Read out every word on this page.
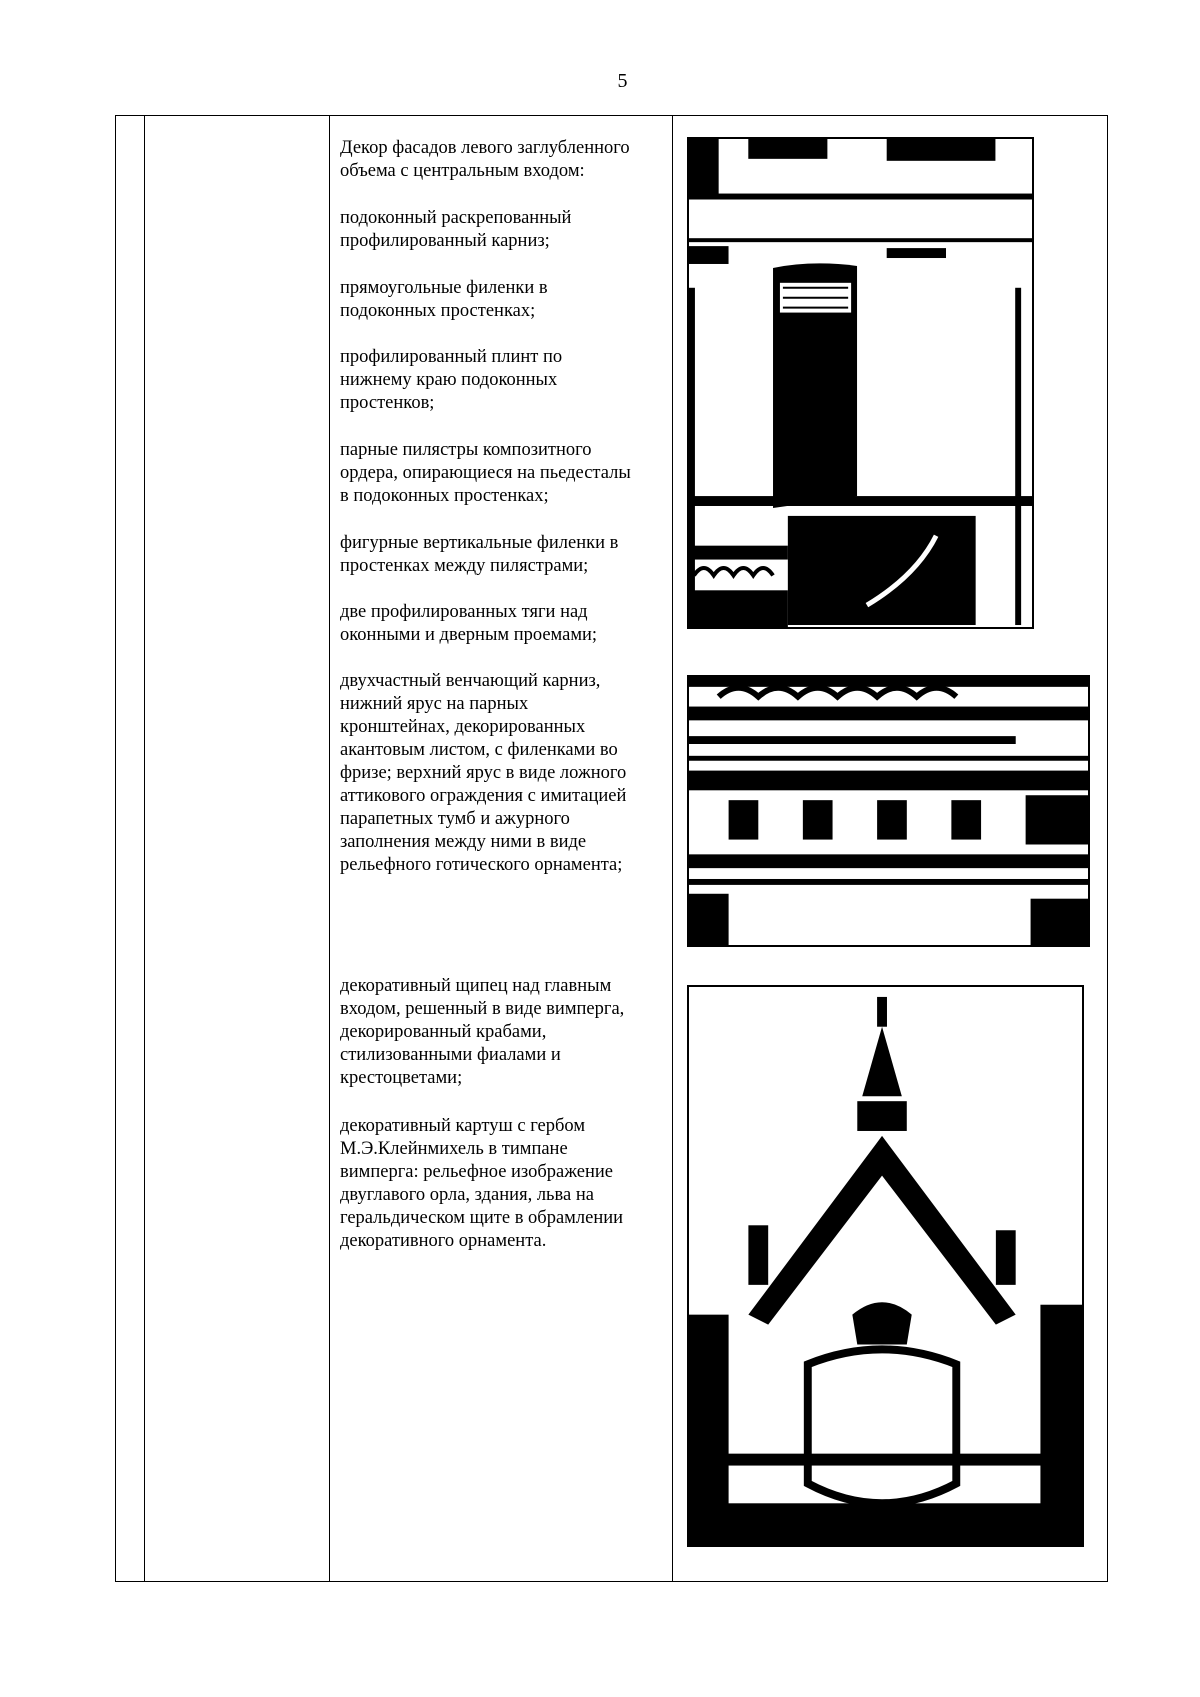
5

Декор фасадов левого заглубленного
объема с центральным входом:

подоконный раскрепованный
профилированный карниз;

прямоугольные филенки в
подоконных простенках;

профилированный плинт по
нижнему краю подоконных
простенков;

парные пилястры композитного
ордера, опирающиеся на пьедесталы
в подоконных простенках;

фигурные вертикальные филенки в
простенках между пилястрами;

две профилированных тяги над
оконными и дверным проемами;

двухчастный венчающий карниз,
нижний ярус на парных
кронштейнах, декорированных
акантовым листом, с филенками во
фризе; верхний ярус в виде ложного
аттикового ограждения с имитацией
парапетных тумб и ажурного
заполнения между ними в виде
рельефного готического орнамента;

декоративный щипец над главным
входом, решенный в виде вимперга,
декорированный крабами,
стилизованными фиалами и
крестоцветами;

декоративный картуш с гербом
М.Э.Клейнмихель в тимпане
вимперга: рельефное изображение
двуглавого орла, здания, льва на
геральдическом щите в обрамлении
декоративного орнамента.
